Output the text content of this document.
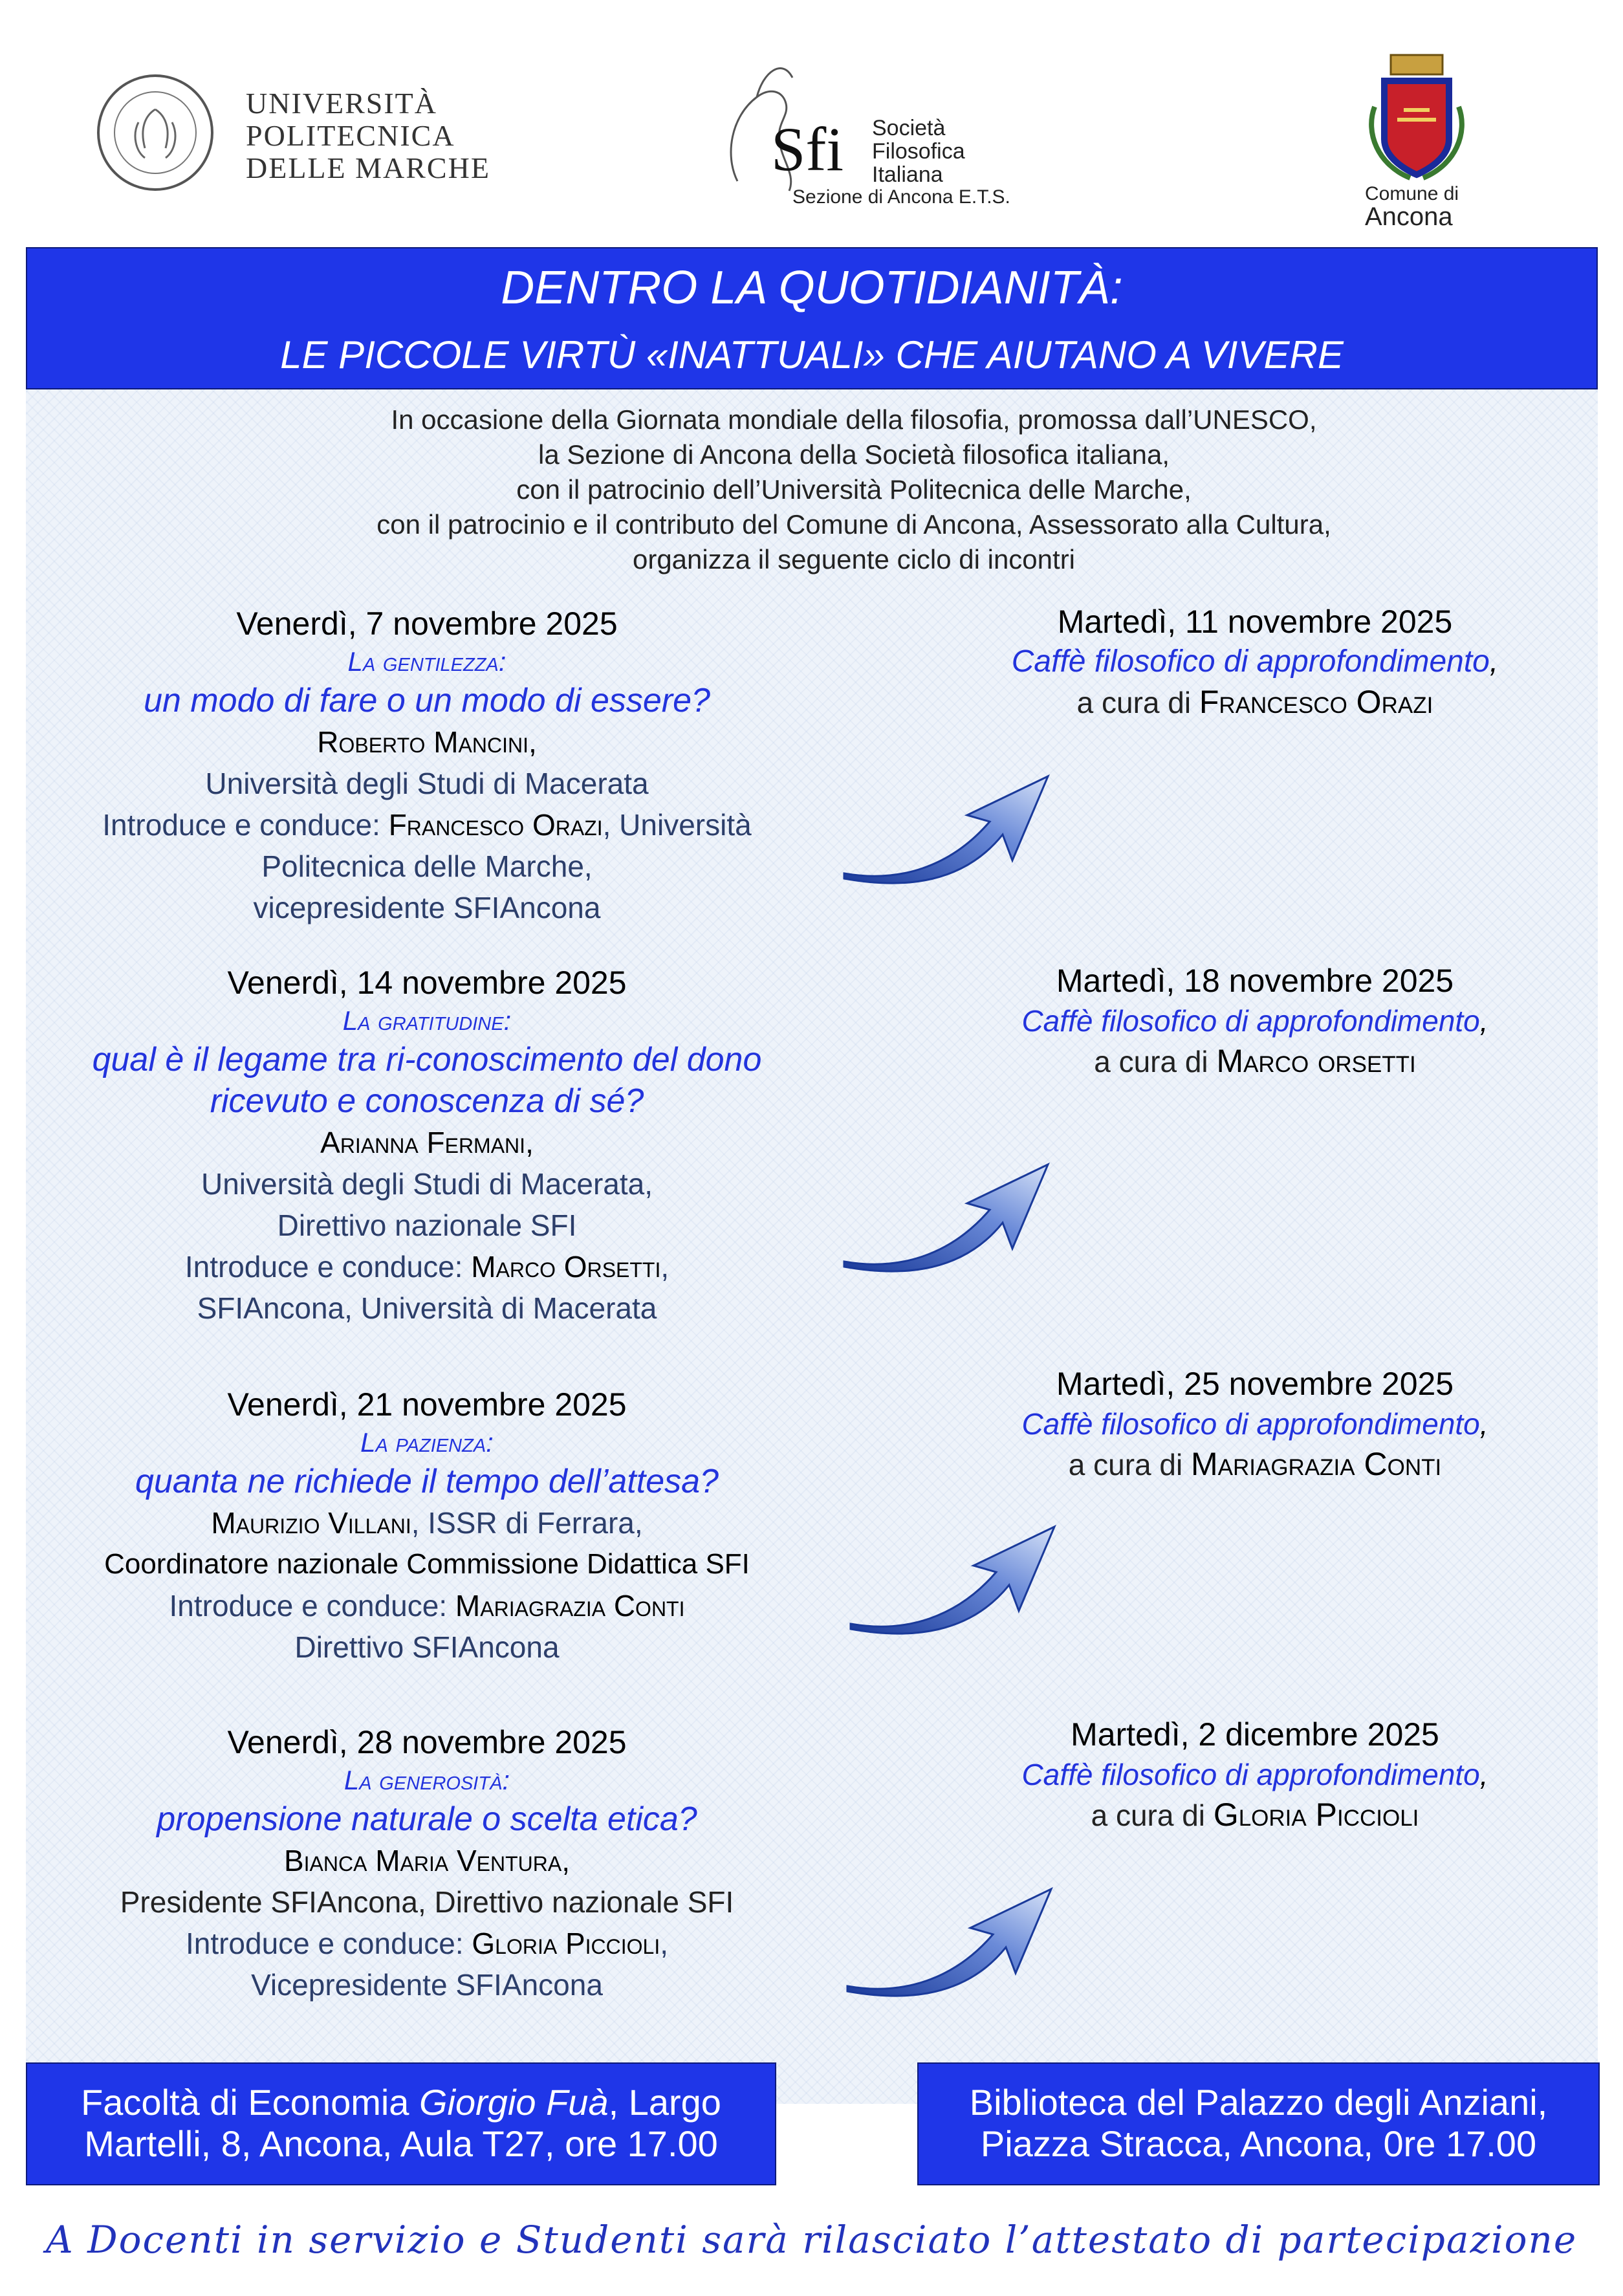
UNIVERSITÀ
POLITECNICA
DELLE MARCHE	Sfi Società
Filosofica
Italiana
Sezione di Ancona E.T.S.	Comune di
Ancona
DENTRO LA QUOTIDIANITÀ:
LE PICCOLE VIRTÙ «INATTUALI» CHE AIUTANO A VIVERE
In occasione della Giornata mondiale della filosofia, promossa dall’UNESCO,
la Sezione di Ancona della Società filosofica italiana,
con il patrocinio dell’Università Politecnica delle Marche,
con il patrocinio e il contributo del Comune di Ancona, Assessorato alla Cultura,
organizza il seguente ciclo di incontri
Venerdì, 7 novembre 2025
La gentilezza:
un modo di fare o un modo di essere?
Roberto Mancini,
Università degli Studi di Macerata
Introduce e conduce: Francesco Orazi, Università
Politecnica delle Marche,
vicepresidente SFIAncona
Venerdì, 14 novembre 2025
La gratitudine:
qual è il legame tra ri-conoscimento del dono
ricevuto e conoscenza di sé?
Arianna Fermani,
Università degli Studi di Macerata,
Direttivo nazionale SFI
Introduce e conduce: Marco Orsetti,
SFIAncona, Università di Macerata
Venerdì, 21 novembre 2025
La pazienza:
quanta ne richiede il tempo dell’attesa?
Maurizio Villani, ISSR di Ferrara,
Coordinatore nazionale Commissione Didattica SFI
Introduce e conduce: Mariagrazia Conti
Direttivo SFIAncona
Venerdì, 28 novembre 2025
La generosità:
propensione naturale o scelta etica?
Bianca Maria Ventura,
Presidente SFIAncona, Direttivo nazionale SFI
Introduce e conduce: Gloria Piccioli,
Vicepresidente SFIAncona
Martedì, 11 novembre 2025
Caffè filosofico di approfondimento,
a cura di Francesco Orazi
Martedì, 18 novembre 2025
Caffè filosofico di approfondimento,
a cura di Marco orsetti
Martedì, 25 novembre 2025
Caffè filosofico di approfondimento,
a cura di Mariagrazia Conti
Martedì, 2 dicembre 2025
Caffè filosofico di approfondimento,
a cura di Gloria Piccioli
Facoltà di Economia Giorgio Fuà, Largo
Martelli, 8, Ancona, Aula T27, ore 17.00
Biblioteca del Palazzo degli Anziani,
Piazza Stracca, Ancona, 0re 17.00
A Docenti in servizio e Studenti sarà rilasciato l’attestato di partecipazione
